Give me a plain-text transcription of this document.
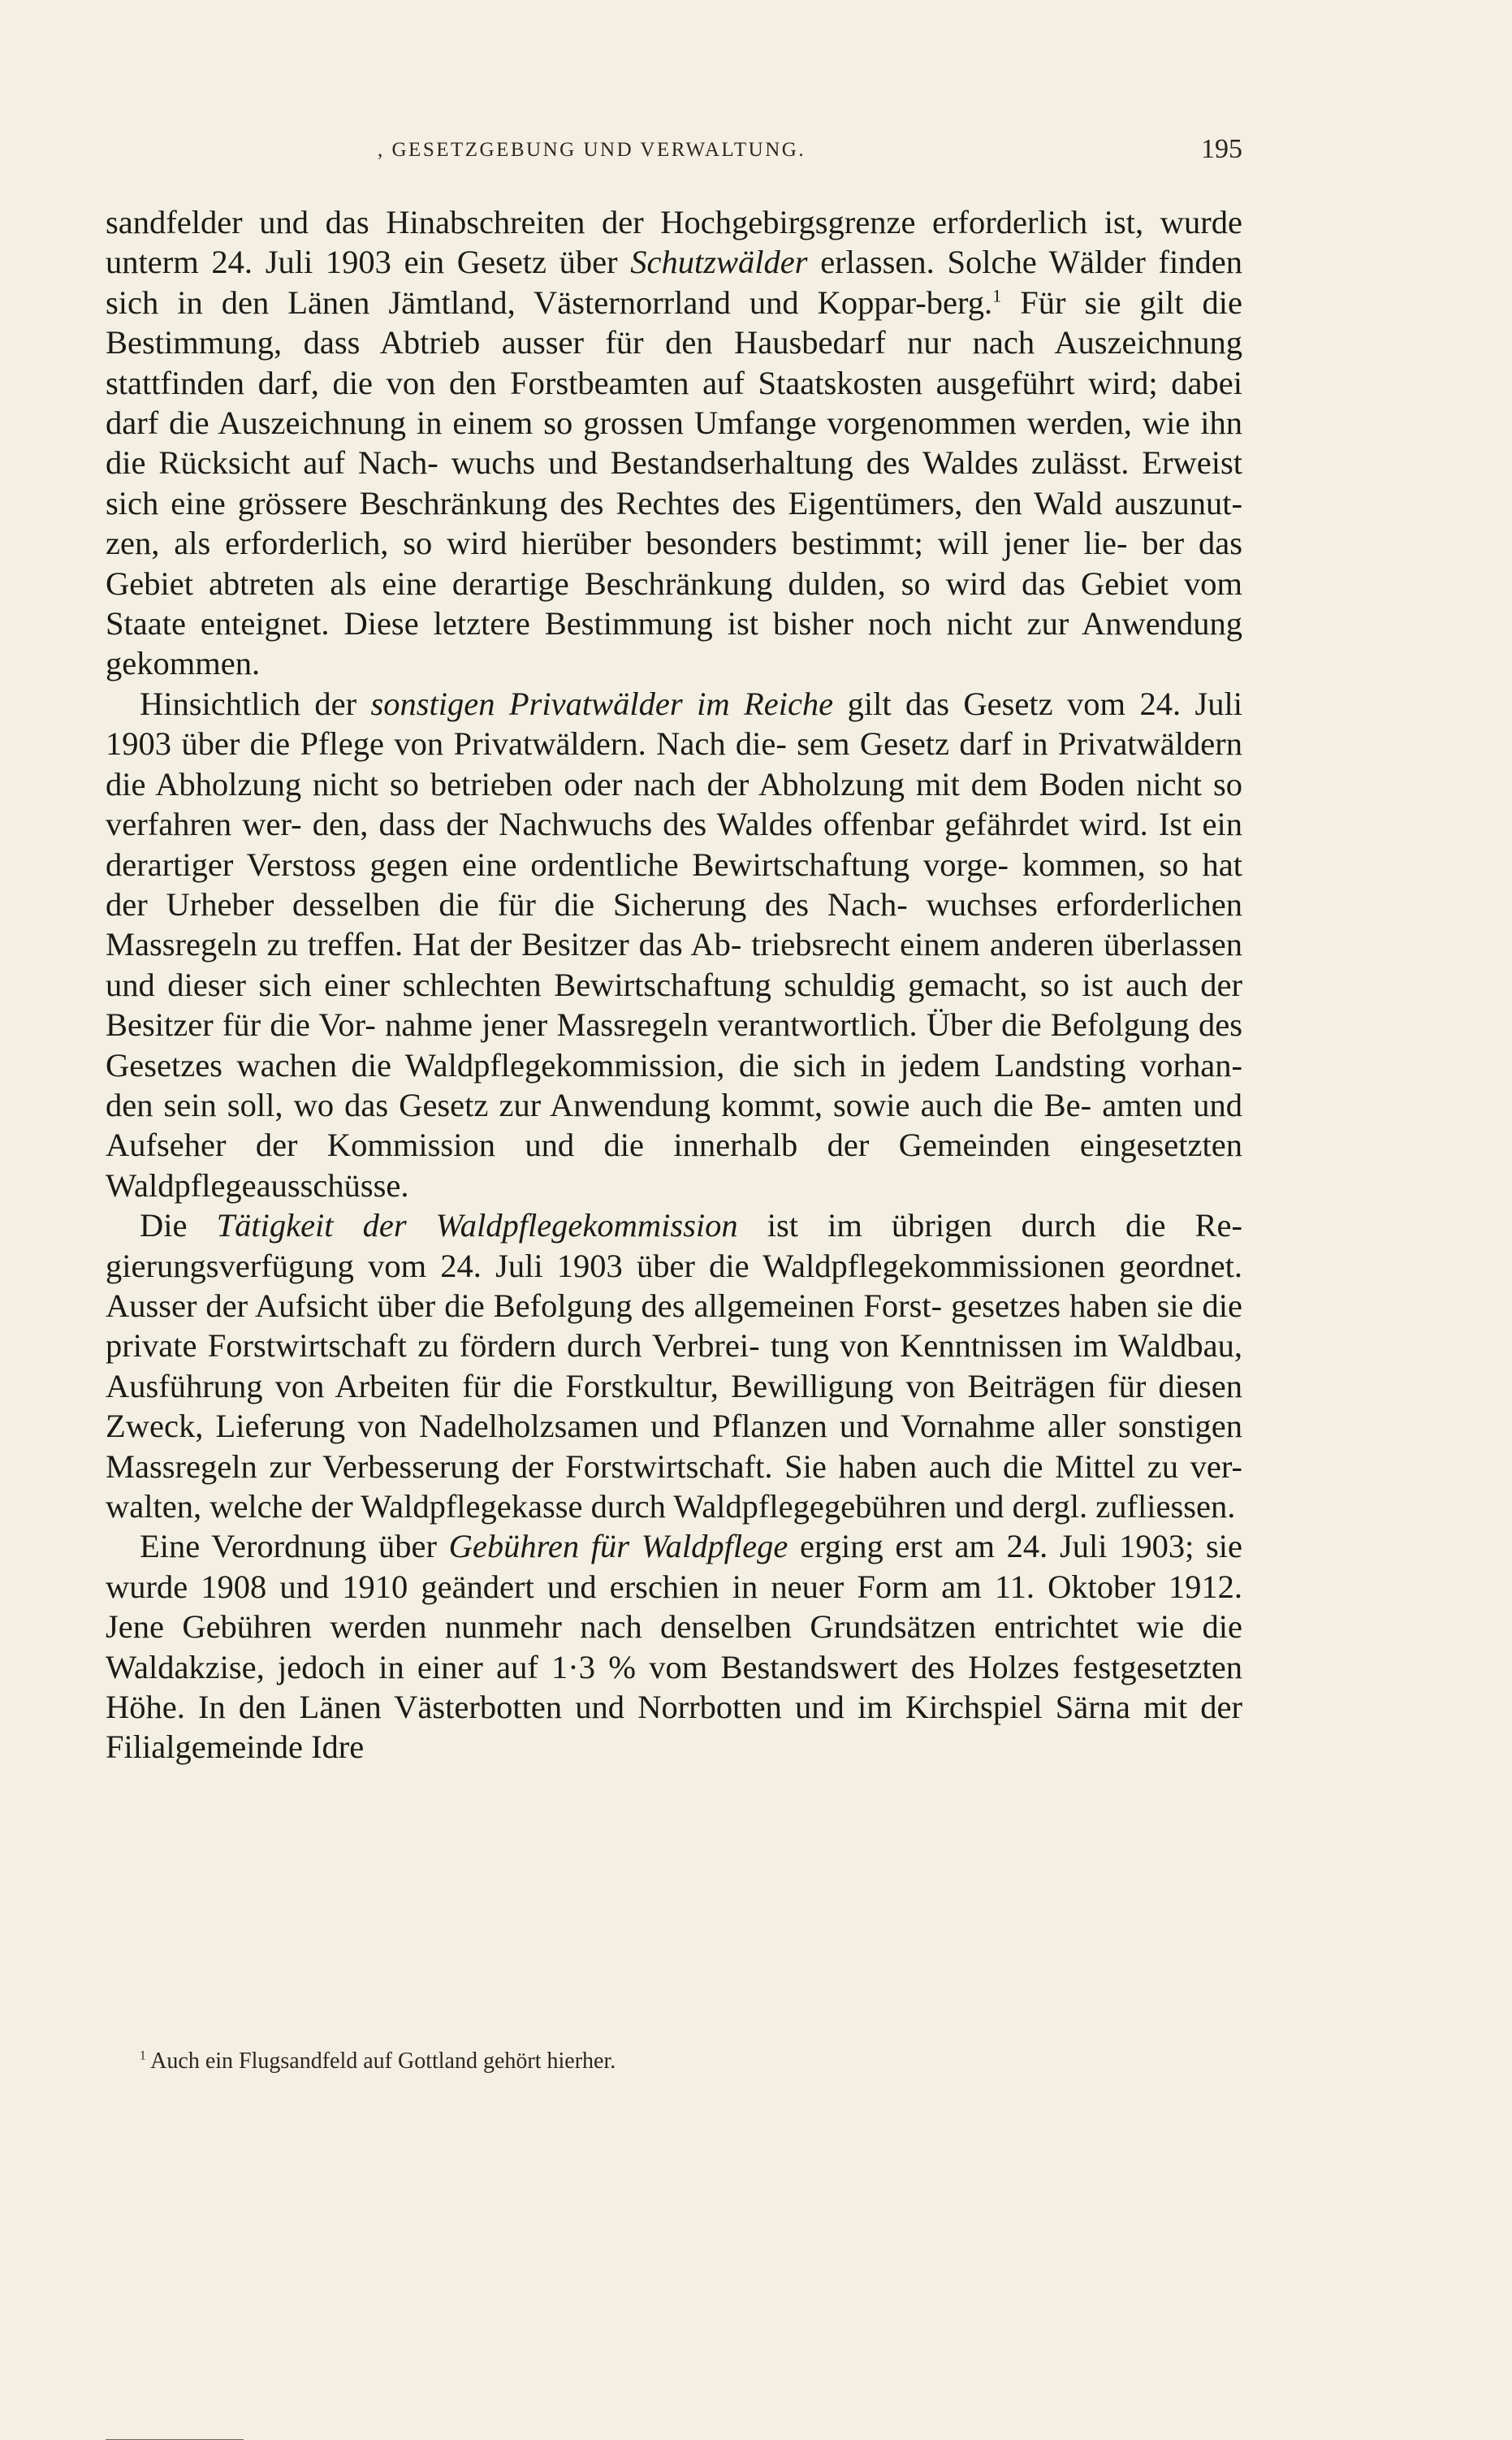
, GESETZGEBUNG UND VERWALTUNG.	195

sandfelder und das Hinabschreiten der Hochgebirgsgrenze erforderlich ist, wurde unterm 24. Juli 1903 ein Gesetz über Schutzwälder erlassen. Solche Wälder finden sich in den Länen Jämtland, Västernorrland und Koppar-berg.$^1$ Für sie gilt die Bestimmung, dass Abtrieb ausser für den Hausbedarf nur nach Auszeichnung stattfinden darf, die von den Forstbeamten auf Staatskosten ausgeführt wird; dabei darf die Auszeichnung in einem so grossen Umfange vorgenommen werden, wie ihn die Rücksicht auf Nach- wuchs und Bestandserhaltung des Waldes zulässt. Erweist sich eine grössere Beschränkung des Rechtes des Eigentümers, den Wald auszunut- zen, als erforderlich, so wird hierüber besonders bestimmt; will jener lie- ber das Gebiet abtreten als eine derartige Beschränkung dulden, so wird das Gebiet vom Staate enteignet. Diese letztere Bestimmung ist bisher noch nicht zur Anwendung gekommen.

Hinsichtlich der sonstigen Privatwälder im Reiche gilt das Gesetz vom 24. Juli 1903 über die Pflege von Privatwäldern. Nach die- sem Gesetz darf in Privatwäldern die Abholzung nicht so betrieben oder nach der Abholzung mit dem Boden nicht so verfahren wer- den, dass der Nachwuchs des Waldes offenbar gefährdet wird. Ist ein derartiger Verstoss gegen eine ordentliche Bewirtschaftung vorge- kommen, so hat der Urheber desselben die für die Sicherung des Nach- wuchses erforderlichen Massregeln zu treffen. Hat der Besitzer das Ab- triebsrecht einem anderen überlassen und dieser sich einer schlechten Bewirtschaftung schuldig gemacht, so ist auch der Besitzer für die Vor- nahme jener Massregeln verantwortlich. Über die Befolgung des Gesetzes wachen die Waldpflegekommission, die sich in jedem Landsting vorhan- den sein soll, wo das Gesetz zur Anwendung kommt, sowie auch die Be- amten und Aufseher der Kommission und die innerhalb der Gemeinden eingesetzten Waldpflegeausschüsse.

Die Tätigkeit der Waldpflegekommission ist im übrigen durch die Re- gierungsverfügung vom 24. Juli 1903 über die Waldpflegekommissionen geordnet. Ausser der Aufsicht über die Befolgung des allgemeinen Forst- gesetzes haben sie die private Forstwirtschaft zu fördern durch Verbrei- tung von Kenntnissen im Waldbau, Ausführung von Arbeiten für die Forstkultur, Bewilligung von Beiträgen für diesen Zweck, Lieferung von Nadelholzsamen und Pflanzen und Vornahme aller sonstigen Massregeln zur Verbesserung der Forstwirtschaft. Sie haben auch die Mittel zu ver- walten, welche der Waldpflegekasse durch Waldpflegegebühren und dergl. zufliessen.

Eine Verordnung über Gebühren für Waldpflege erging erst am 24. Juli 1903; sie wurde 1908 und 1910 geändert und erschien in neuer Form am 11. Oktober 1912. Jene Gebühren werden nunmehr nach denselben Grundsätzen entrichtet wie die Waldakzise, jedoch in einer auf 1·3 % vom Bestandswert des Holzes festgesetzten Höhe. In den Länen Västerbotten und Norrbotten und im Kirchspiel Särna mit der Filialgemeinde Idre

$^1$ Auch ein Flugsandfeld auf Gottland gehört hierher.
